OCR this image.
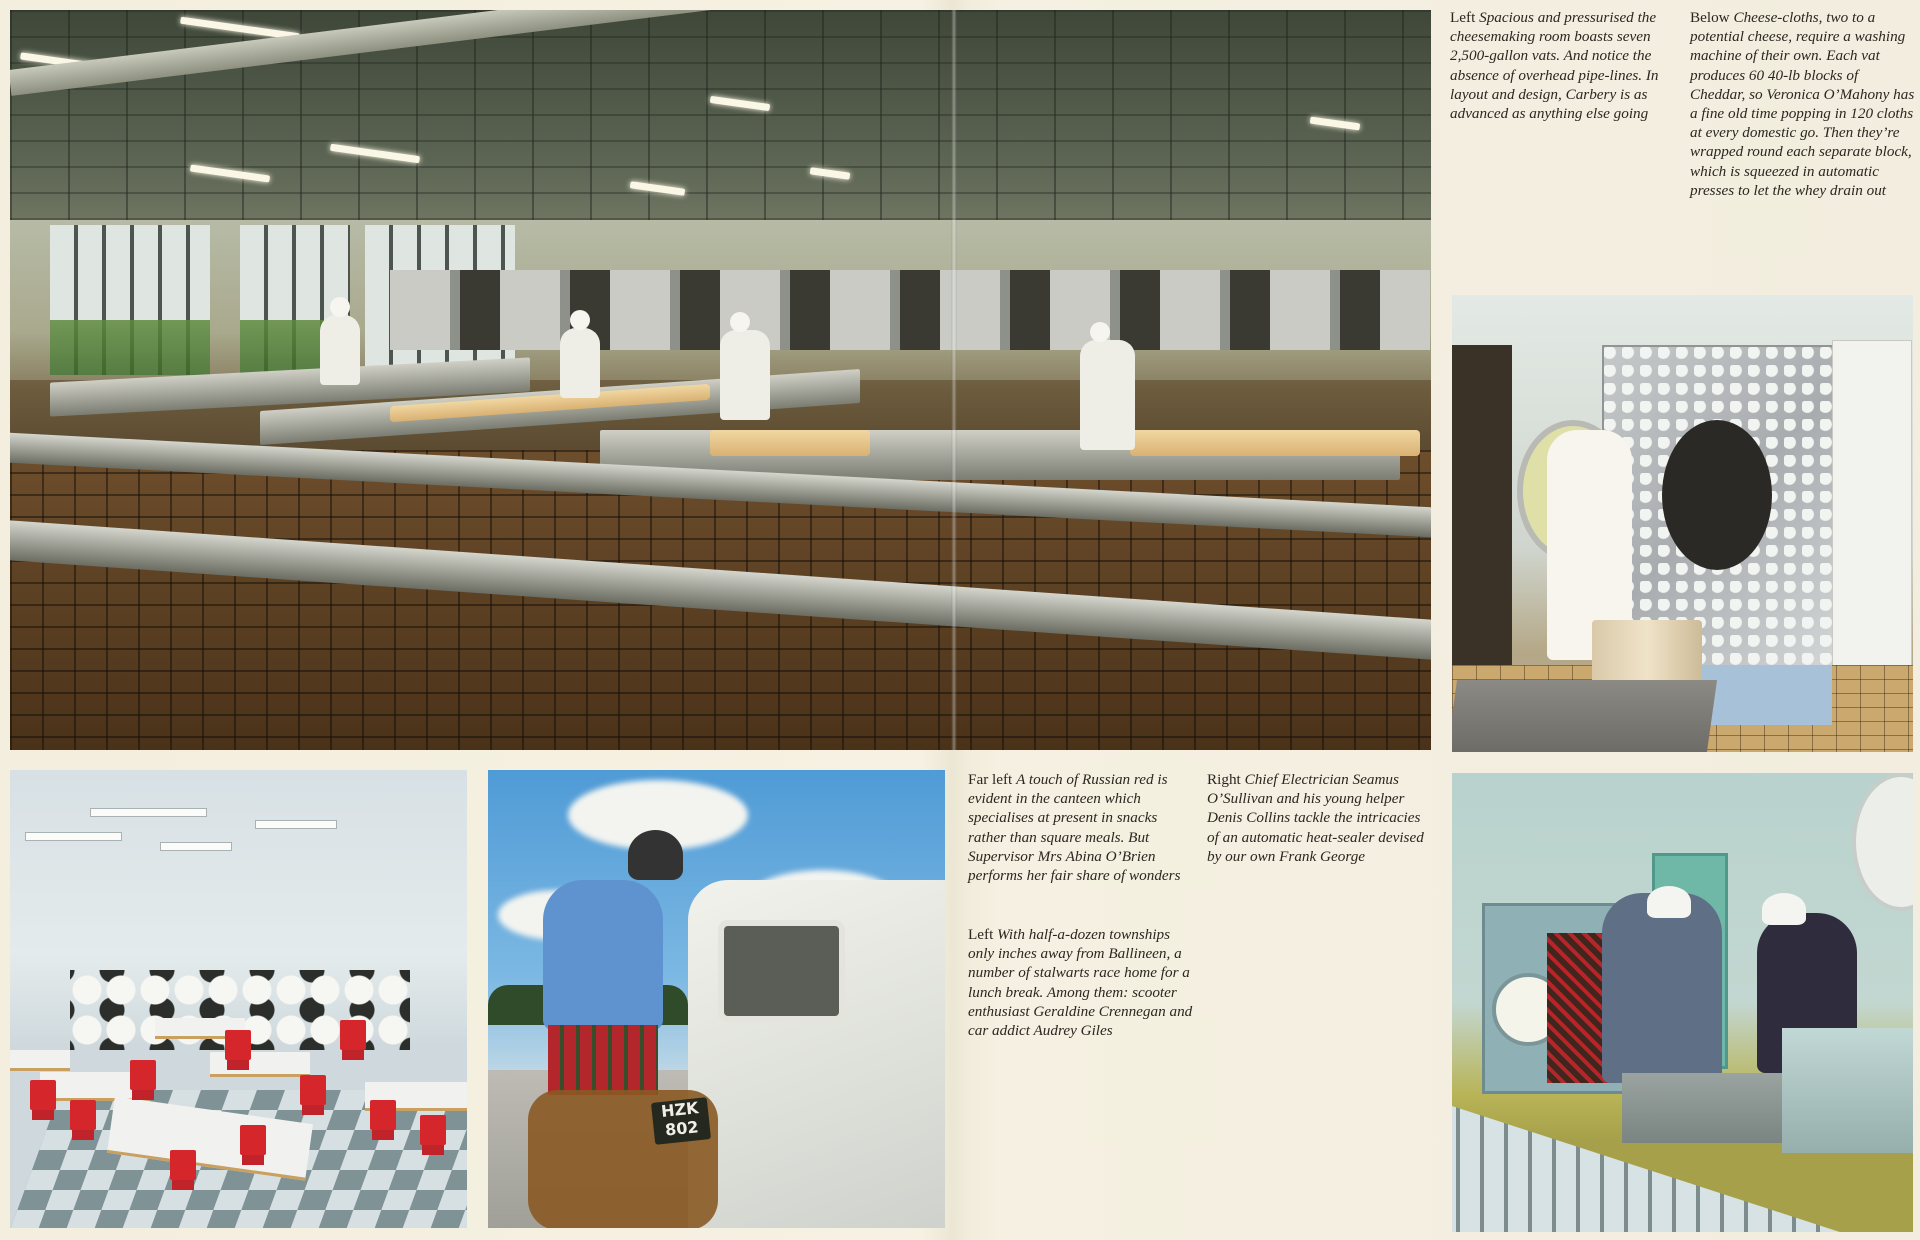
Left Spacious and pressurised the cheesemaking room boasts seven 2,500-gallon vats. And notice the absence of overhead pipe-lines. In layout and design, Carbery is as advanced as anything else going
Below Cheese-cloths, two to a potential cheese, require a washing machine of their own. Each vat produces 60 40-lb blocks of Cheddar, so Veronica O’Mahony has a fine old time popping in 120 cloths at every domestic go. Then they’re wrapped round each separate block, which is squeezed in automatic presses to let the whey drain out
HZK
802
Far left A touch of Russian red is evident in the canteen which specialises at present in snacks rather than square meals. But Supervisor Mrs Abina O’Brien performs her fair share of wonders
Left With half-a-dozen townships only inches away from Ballineen, a number of stalwarts race home for a lunch break. Among them: scooter enthusiast Geraldine Crennegan and car addict Audrey Giles
Right Chief Electrician Seamus O’Sullivan and his young helper Denis Collins tackle the intricacies of an automatic heat-sealer devised by our own Frank George
